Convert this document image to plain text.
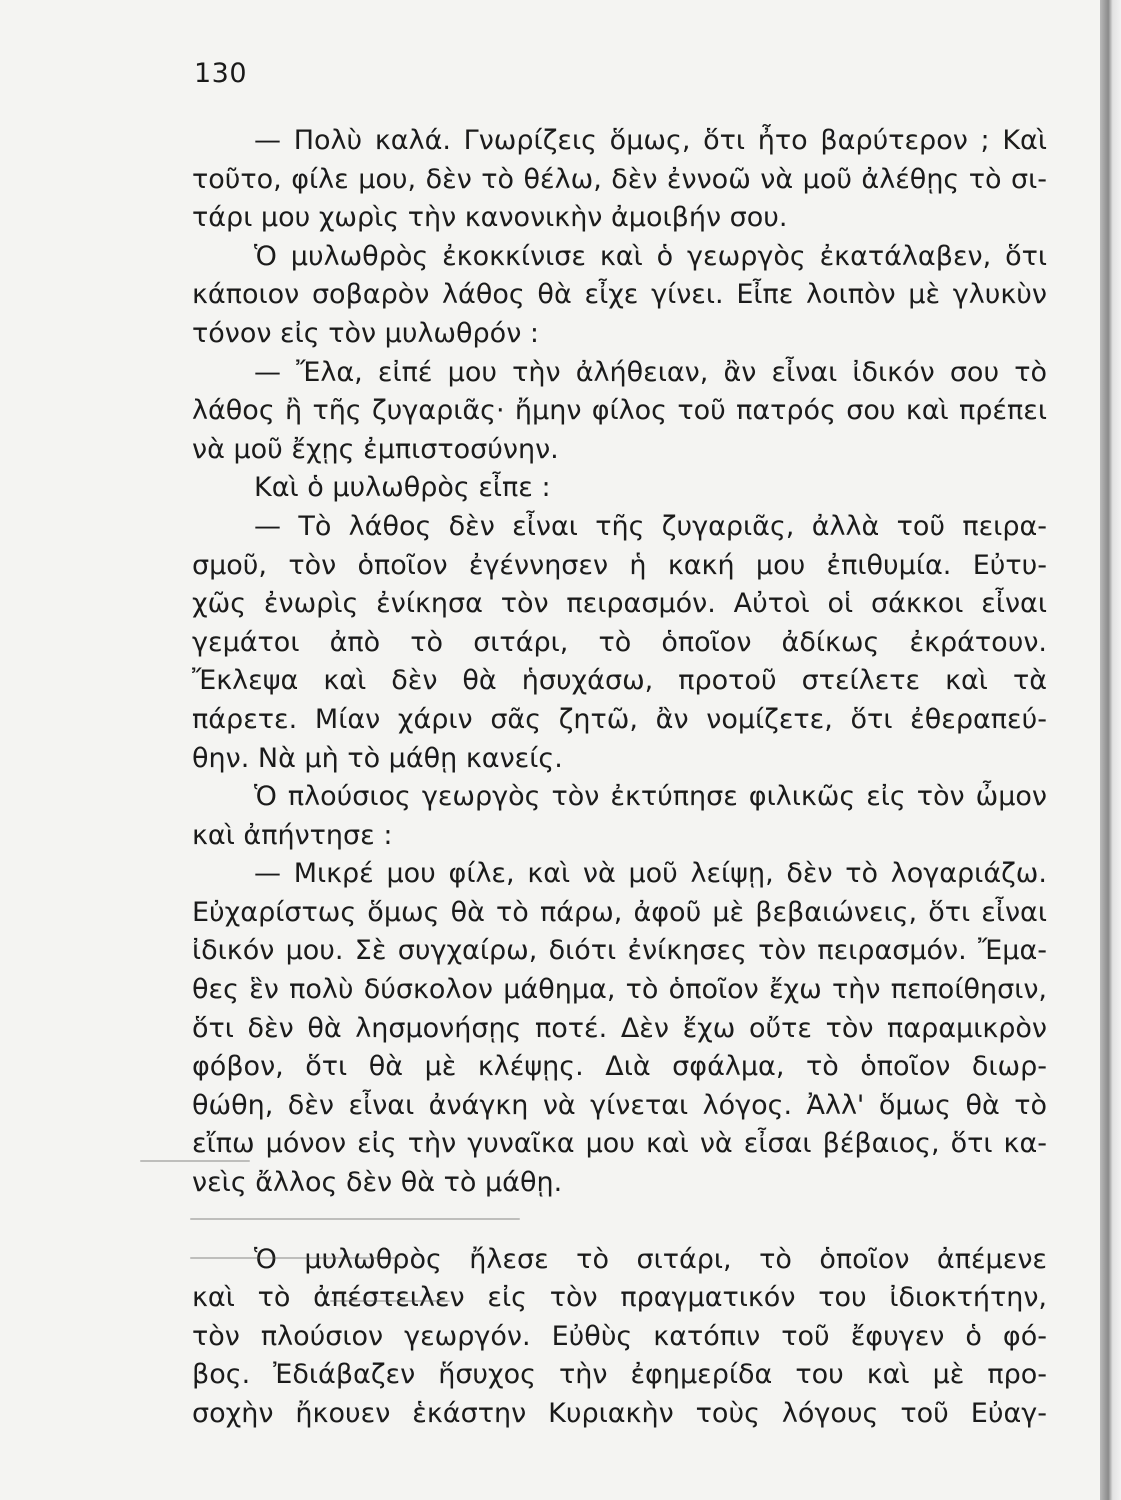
130
— Πολὺ καλά. Γνωρίζεις ὅμως, ὅτι ἦτο βαρύτερον ; Καὶ
τοῦτο, φίλε μου, δὲν τὸ θέλω, δὲν ἐννοῶ νὰ μοῦ ἀλέθῃς τὸ σι-
τάρι μου χωρὶς τὴν κανονικὴν ἀμοιβήν σου.
Ὁ μυλωθρὸς ἐκοκκίνισε καὶ ὁ γεωργὸς ἐκατάλαβεν, ὅτι
κάποιον σοβαρὸν λάθος θὰ εἶχε γίνει. Εἶπε λοιπὸν μὲ γλυκὺν
τόνον εἰς τὸν μυλωθρόν :
— Ἔλα, εἰπέ μου τὴν ἀλήθειαν, ἂν εἶναι ἰδικόν σου τὸ
λάθος ἢ τῆς ζυγαριᾶς· ἤμην φίλος τοῦ πατρός σου καὶ πρέπει
νὰ μοῦ ἔχῃς ἐμπιστοσύνην.
Καὶ ὁ μυλωθρὸς εἶπε :
— Τὸ λάθος δὲν εἶναι τῆς ζυγαριᾶς, ἀλλὰ τοῦ πειρα-
σμοῦ, τὸν ὁποῖον ἐγέννησεν ἡ κακή μου ἐπιθυμία. Εὐτυ-
χῶς ἐνωρὶς ἐνίκησα τὸν πειρασμόν. Αὐτοὶ οἱ σάκκοι εἶναι
γεμάτοι ἀπὸ τὸ σιτάρι, τὸ ὁποῖον ἀδίκως ἐκράτουν.
Ἔκλεψα καὶ δὲν θὰ ἡσυχάσω, προτοῦ στείλετε καὶ τὰ
πάρετε. Μίαν χάριν σᾶς ζητῶ, ἂν νομίζετε, ὅτι ἐθεραπεύ-
θην. Νὰ μὴ τὸ μάθῃ κανείς.
Ὁ πλούσιος γεωργὸς τὸν ἐκτύπησε φιλικῶς εἰς τὸν ὦμον
καὶ ἀπήντησε :
— Μικρέ μου φίλε, καὶ νὰ μοῦ λείψῃ, δὲν τὸ λογαριάζω.
Εὐχαρίστως ὅμως θὰ τὸ πάρω, ἀφοῦ μὲ βεβαιώνεις, ὅτι εἶναι
ἰδικόν μου. Σὲ συγχαίρω, διότι ἐνίκησες τὸν πειρασμόν. Ἔμα-
θες ἓν πολὺ δύσκολον μάθημα, τὸ ὁποῖον ἔχω τὴν πεποίθησιν,
ὅτι δὲν θὰ λησμονήσῃς ποτέ. Δὲν ἔχω οὔτε τὸν παραμικρὸν
φόβον, ὅτι θὰ μὲ κλέψῃς. Διὰ σφάλμα, τὸ ὁποῖον διωρ-
θώθη, δὲν εἶναι ἀνάγκη νὰ γίνεται λόγος. Ἀλλ' ὅμως θὰ τὸ
εἴπω μόνον εἰς τὴν γυναῖκα μου καὶ νὰ εἶσαι βέβαιος, ὅτι κα-
νεὶς ἄλλος δὲν θὰ τὸ μάθῃ.
Ὁ μυλωθρὸς ἤλεσε τὸ σιτάρι, τὸ ὁποῖον ἀπέμενε
καὶ τὸ ἀπέστειλεν εἰς τὸν πραγματικόν του ἰδιοκτήτην,
τὸν πλούσιον γεωργόν. Εὐθὺς κατόπιν τοῦ ἔφυγεν ὁ φό-
βος. Ἐδιάβαζεν ἥσυχος τὴν ἐφημερίδα του καὶ μὲ προ-
σοχὴν ἤκουεν ἑκάστην Κυριακὴν τοὺς λόγους τοῦ Εὐαγ-
